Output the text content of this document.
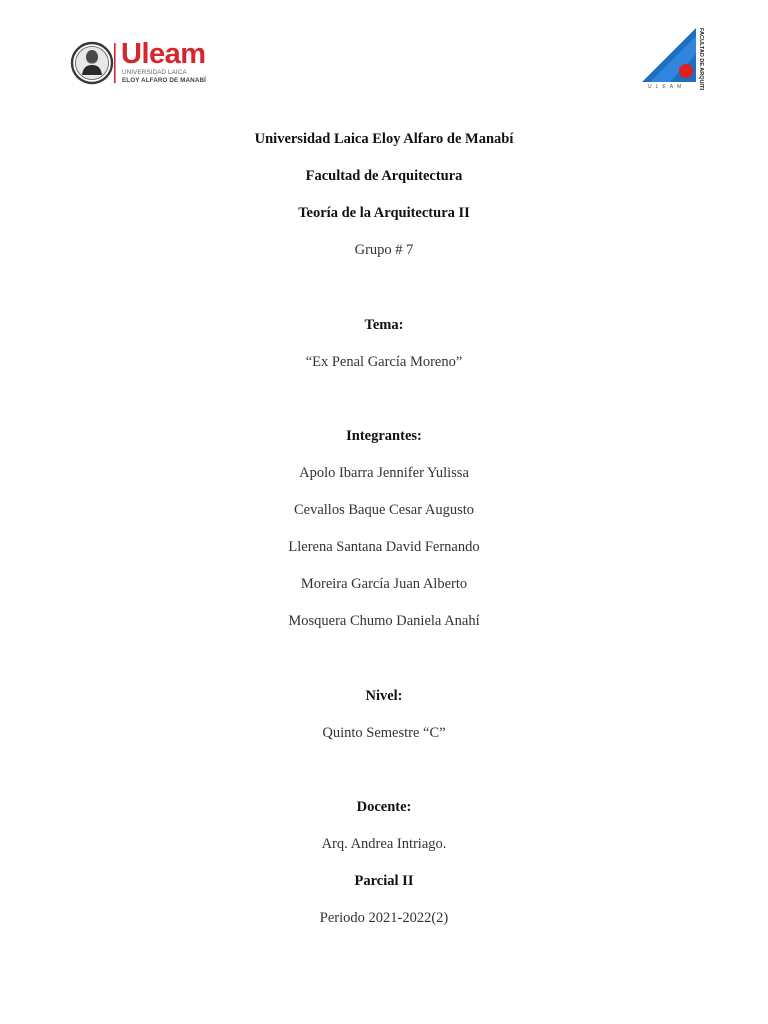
Uleam
UNIVERSIDAD LAICA
ELOY ALFARO DE MANABÍ
ULEAM FACULTAD DE ARQUITECTURA

Universidad Laica Eloy Alfaro de Manabí

Facultad de Arquitectura

Teoría de la Arquitectura II

Grupo # 7

Tema:

“Ex Penal García Moreno”

Integrantes:

Apolo Ibarra Jennifer Yulissa

Cevallos Baque Cesar Augusto

Llerena Santana David Fernando

Moreira García Juan Alberto

Mosquera Chumo Daniela Anahí

Nivel:

Quinto Semestre “C”

Docente:

Arq. Andrea Intriago.

Parcial II

Periodo 2021-2022(2)
